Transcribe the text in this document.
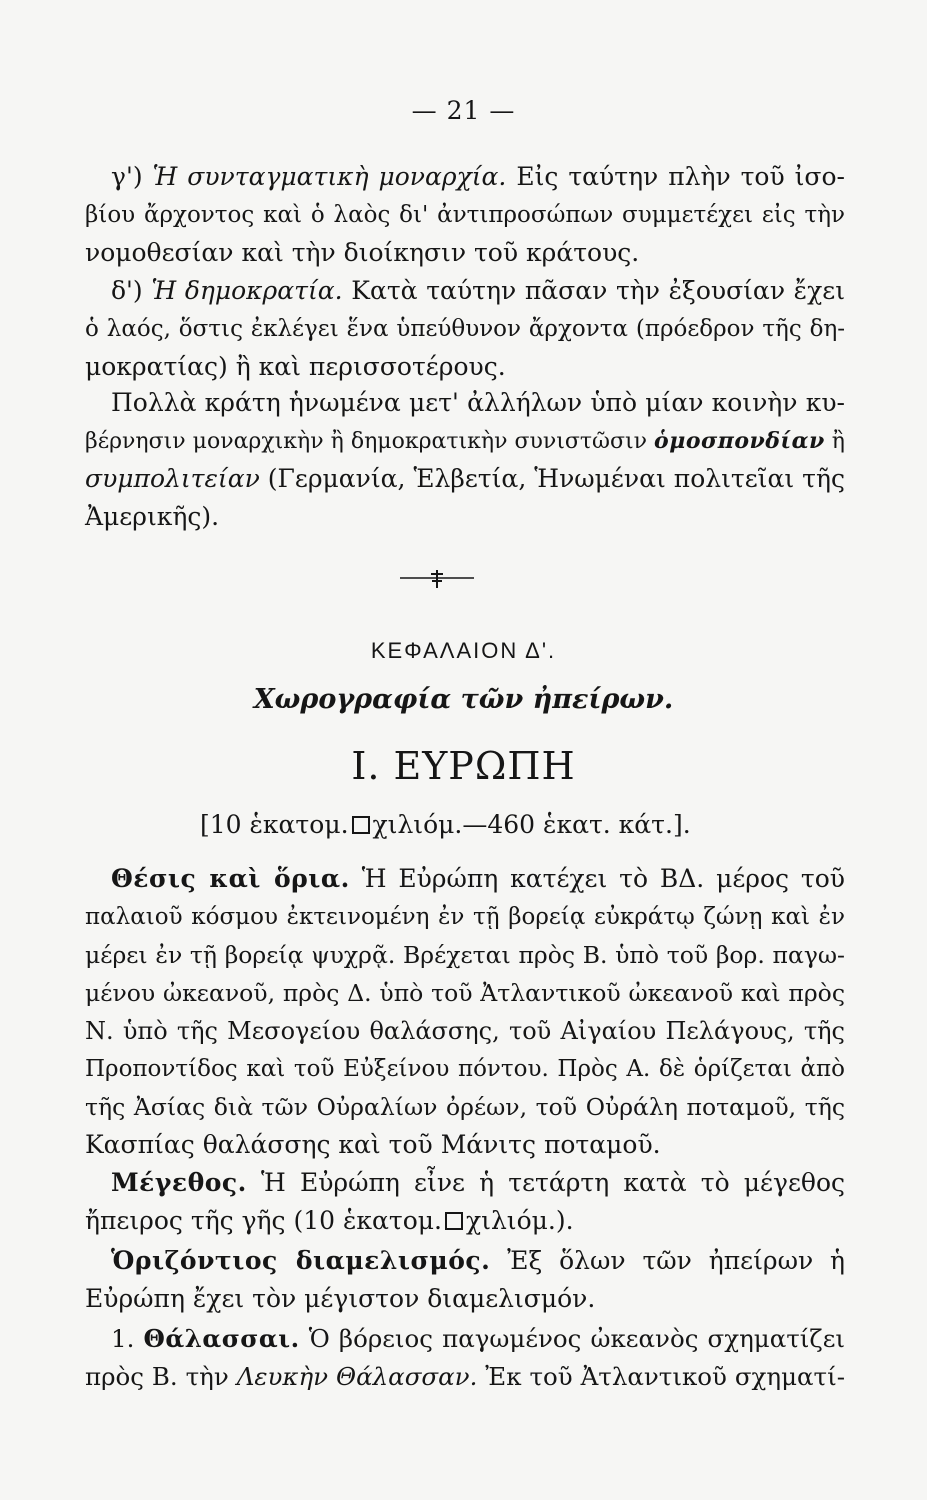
— 21 —
γ') Ἡ συνταγματικὴ μοναρχία. Εἰς ταύτην πλὴν τοῦ ἰσο-
βίου ἄρχοντος καὶ ὁ λαὸς δι' ἀντιπροσώπων συμμετέχει εἰς τὴν
νομοθεσίαν καὶ τὴν διοίκησιν τοῦ κράτους.
δ') Ἡ δημοκρατία. Κατὰ ταύτην πᾶσαν τὴν ἐξουσίαν ἔχει
ὁ λαός, ὅστις ἐκλέγει ἕνα ὑπεύθυνον ἄρχοντα (πρόεδρον τῆς δη-
μοκρατίας) ἢ καὶ περισσοτέρους.
Πολλὰ κράτη ἡνωμένα μετ' ἀλλήλων ὑπὸ μίαν κοινὴν κυ-
βέρνησιν μοναρχικὴν ἢ δημοκρατικὴν συνιστῶσιν ὁμοσπονδίαν ἢ
συμπολιτείαν (Γερμανία, Ἑλβετία, Ἡνωμέναι πολιτεῖαι τῆς
Ἀμερικῆς).
ΚΕΦΑΛΑΙΟΝ Δ'.
Χωρογραφία τῶν ἠπείρων.
Ι. ΕΥΡΩΠΗ
[10 ἑκατομ. χιλιόμ.—460 ἑκατ. κάτ.].
Θέσις καὶ ὅρια. Ἡ Εὐρώπη κατέχει τὸ ΒΔ. μέρος τοῦ
παλαιοῦ κόσμου ἐκτεινομένη ἐν τῇ βορείᾳ εὐκράτῳ ζώνῃ καὶ ἐν
μέρει ἐν τῇ βορείᾳ ψυχρᾷ. Βρέχεται πρὸς Β. ὑπὸ τοῦ βορ. παγω-
μένου ὠκεανοῦ, πρὸς Δ. ὑπὸ τοῦ Ἀτλαντικοῦ ὠκεανοῦ καὶ πρὸς
Ν. ὑπὸ τῆς Μεσογείου θαλάσσης, τοῦ Αἰγαίου Πελάγους, τῆς
Προποντίδος καὶ τοῦ Εὐξείνου πόντου. Πρὸς Α. δὲ ὁρίζεται ἀπὸ
τῆς Ἀσίας διὰ τῶν Οὐραλίων ὀρέων, τοῦ Οὐράλη ποταμοῦ, τῆς
Κασπίας θαλάσσης καὶ τοῦ Μάνιτς ποταμοῦ.
Μέγεθος. Ἡ Εὐρώπη εἶνε ἡ τετάρτη κατὰ τὸ μέγεθος
ἤπειρος τῆς γῆς (10 ἑκατομ. χιλιόμ.).
Ὁριζόντιος διαμελισμός. Ἐξ ὅλων τῶν ἠπείρων ἡ
Εὐρώπη ἔχει τὸν μέγιστον διαμελισμόν.
1. Θάλασσαι. Ὁ βόρειος παγωμένος ὠκεανὸς σχηματίζει
πρὸς Β. τὴν Λευκὴν Θάλασσαν. Ἐκ τοῦ Ἀτλαντικοῦ σχηματί-
